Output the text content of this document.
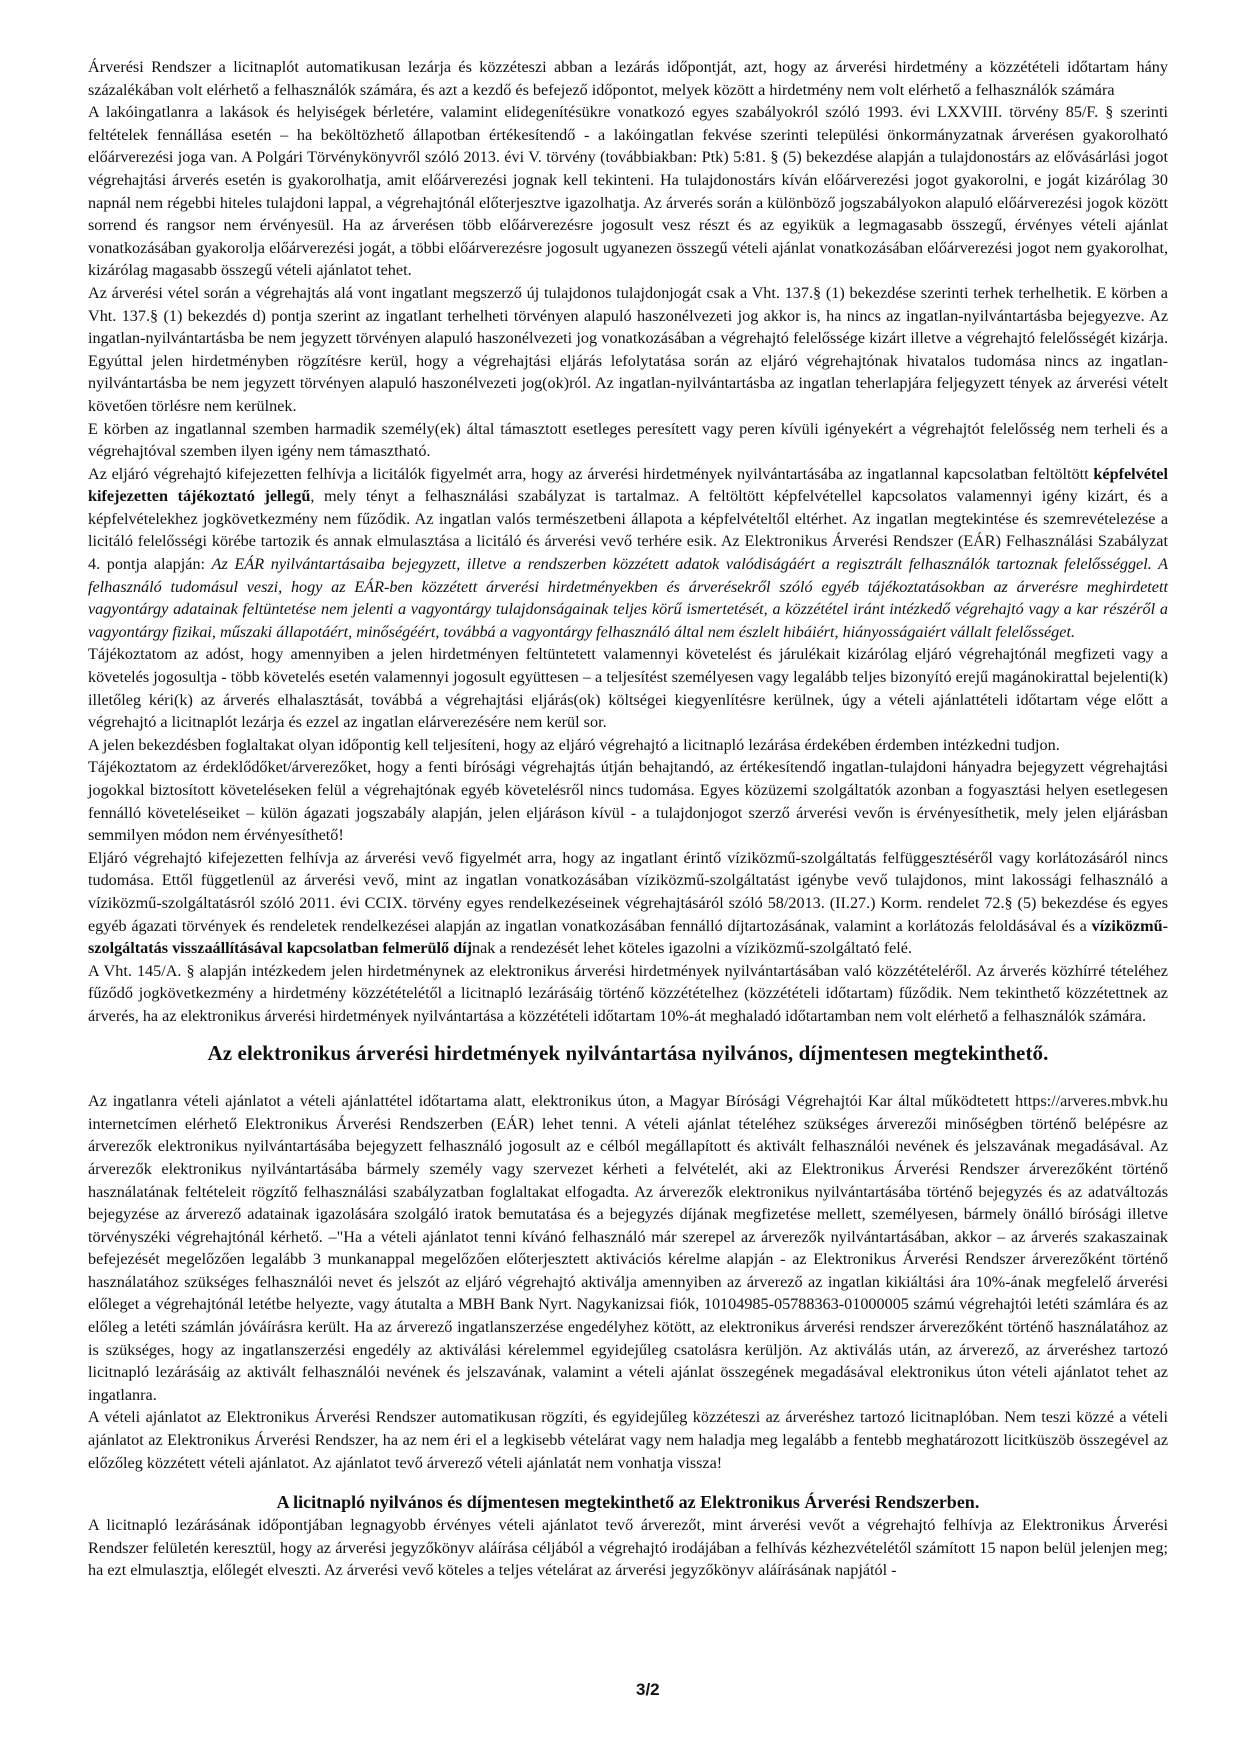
Árverési Rendszer a licitnaplót automatikusan lezárja és közzéteszi abban a lezárás időpontját, azt, hogy az árverési hirdetmény a közzétételi időtartam hány százalékában volt elérhető a felhasználók számára, és azt a kezdő és befejező időpontot, melyek között a hirdetmény nem volt elérhető a felhasználók számára

A lakóingatlanra a lakások és helyiségek bérletére, valamint elidegenítésükre vonatkozó egyes szabályokról szóló 1993. évi LXXVIII. törvény 85/F. § szerinti feltételek fennállása esetén – ha beköltözhető állapotban értékesítendő - a lakóingatlan fekvése szerinti települési önkormányzatnak árverésen gyakorolható előárverezési joga van. A Polgári Törvénykönyvről szóló 2013. évi V. törvény (továbbiakban: Ptk) 5:81. § (5) bekezdése alapján a tulajdonostárs az elővásárlási jogot végrehajtási árverés esetén is gyakorolhatja, amit előárverezési jognak kell tekinteni. Ha tulajdonostárs kíván előárverezési jogot gyakorolni, e jogát kizárólag 30 napnál nem régebbi hiteles tulajdoni lappal, a végrehajtónál előterjesztve igazolhatja. Az árverés során a különböző jogszabályokon alapuló előárverezési jogok között sorrend és rangsor nem érvényesül. Ha az árverésen több előárverezésre jogosult vesz részt és az egyikük a legmagasabb összegű, érvényes vételi ajánlat vonatkozásában gyakorolja előárverezési jogát, a többi előárverezésre jogosult ugyanezen összegű vételi ajánlat vonatkozásában előárverezési jogot nem gyakorolhat, kizárólag magasabb összegű vételi ajánlatot tehet.

Az árverési vétel során a végrehajtás alá vont ingatlant megszerző új tulajdonos tulajdonjogát csak a Vht. 137.§ (1) bekezdése szerinti terhek terhelhetik. E körben a Vht. 137.§ (1) bekezdés d) pontja szerint az ingatlant terhelheti törvényen alapuló haszonélvezeti jog akkor is, ha nincs az ingatlan-nyilvántartásba bejegyezve. Az ingatlan-nyilvántartásba be nem jegyzett törvényen alapuló haszonélvezeti jog vonatkozásában a végrehajtó felelőssége kizárt illetve a végrehajtó felelősségét kizárja. Egyúttal jelen hirdetményben rögzítésre kerül, hogy a végrehajtási eljárás lefolytatása során az eljáró végrehajtónak hivatalos tudomása nincs az ingatlan-nyilvántartásba be nem jegyzett törvényen alapuló haszonélvezeti jog(ok)ról. Az ingatlan-nyilvántartásba az ingatlan teherlapjára feljegyzett tények az árverési vételt követően törlésre nem kerülnek.

E körben az ingatlannal szemben harmadik személy(ek) által támasztott esetleges peresített vagy peren kívüli igényekért a végrehajtót felelősség nem terheli és a végrehajtóval szemben ilyen igény nem támasztható.

Az eljáró végrehajtó kifejezetten felhívja a licitálók figyelmét arra, hogy az árverési hirdetmények nyilvántartásába az ingatlannal kapcsolatban feltöltött képfelvétel kifejezetten tájékoztató jellegű, mely tényt a felhasználási szabályzat is tartalmaz. A feltöltött képfelvétellel kapcsolatos valamennyi igény kizárt, és a képfelvételekhez jogkövetkezmény nem fűződik. Az ingatlan valós természetbeni állapota a képfelvételtől eltérhet. Az ingatlan megtekintése és szemrevételezése a licitáló felelősségi körébe tartozik és annak elmulasztása a licitáló és árverési vevő terhére esik. Az Elektronikus Árverési Rendszer (EÁR) Felhasználási Szabályzat 4. pontja alapján: Az EÁR nyilvántartásaiba bejegyzett, illetve a rendszerben közzétett adatok valódiságáért a regisztrált felhasználók tartoznak felelősséggel. A felhasználó tudomásul veszi, hogy az EÁR-ben közzétett árverési hirdetményekben és árverésekről szóló egyéb tájékoztatásokban az árverésre meghirdetett vagyontárgy adatainak feltüntetése nem jelenti a vagyontárgy tulajdonságainak teljes körű ismertetését, a közzététel iránt intézkedő végrehajtó vagy a kar részéről a vagyontárgy fizikai, műszaki állapotáért, minőségéért, továbbá a vagyontárgy felhasználó által nem észlelt hibáiért, hiányosságaiért vállalt felelősséget.

Tájékoztatom az adóst, hogy amennyiben a jelen hirdetményen feltüntetett valamennyi követelést és járulékait kizárólag eljáró végrehajtónál megfizeti vagy a követelés jogosultja - több követelés esetén valamennyi jogosult együttesen – a teljesítést személyesen vagy legalább teljes bizonyító erejű magánokirattal bejelenti(k) illetőleg kéri(k) az árverés elhalasztását, továbbá a végrehajtási eljárás(ok) költségei kiegyenlítésre kerülnek, úgy a vételi ajánlattételi időtartam vége előtt a végrehajtó a licitnaplót lezárja és ezzel az ingatlan elárverezésére nem kerül sor.

A jelen bekezdésben foglaltakat olyan időpontig kell teljesíteni, hogy az eljáró végrehajtó a licitnapló lezárása érdekében érdemben intézkedni tudjon.

Tájékoztatom az érdeklődőket/árverezőket, hogy a fenti bírósági végrehajtás útján behajtandó, az értékesítendő ingatlan-tulajdoni hányadra bejegyzett végrehajtási jogokkal biztosított követeléseken felül a végrehajtónak egyéb követelésről nincs tudomása. Egyes közüzemi szolgáltatók azonban a fogyasztási helyen esetlegesen fennálló követeléseiket – külön ágazati jogszabály alapján, jelen eljáráson kívül - a tulajdonjogot szerző árverési vevőn is érvényesíthetik, mely jelen eljárásban semmilyen módon nem érvényesíthető!

Eljáró végrehajtó kifejezetten felhívja az árverési vevő figyelmét arra, hogy az ingatlant érintő víziközmű-szolgáltatás felfüggesztéséről vagy korlátozásáról nincs tudomása. Ettől függetlenül az árverési vevő, mint az ingatlan vonatkozásában víziközmű-szolgáltatást igénybe vevő tulajdonos, mint lakossági felhasználó a víziközmű-szolgáltatásról szóló 2011. évi CCIX. törvény egyes rendelkezéseinek végrehajtásáról szóló 58/2013. (II.27.) Korm. rendelet 72.§ (5) bekezdése és egyes egyéb ágazati törvények és rendeletek rendelkezései alapján az ingatlan vonatkozásában fennálló díjtartozásának, valamint a korlátozás feloldásával és a víziközmű-szolgáltatás visszaállításával kapcsolatban felmerülő díjnak a rendezését lehet köteles igazolni a víziközmű-szolgáltató felé.

A Vht. 145/A. § alapján intézkedem jelen hirdetménynek az elektronikus árverési hirdetmények nyilvántartásában való közzétételéről. Az árverés közhírré tételéhez fűződő jogkövetkezmény a hirdetmény közzétételétől a licitnapló lezárásáig történő közzétételhez (közzétételi időtartam) fűződik. Nem tekinthető közzétettnek az árverés, ha az elektronikus árverési hirdetmények nyilvántartása a közzétételi időtartam 10%-át meghaladó időtartamban nem volt elérhető a felhasználók számára.

Az elektronikus árverési hirdetmények nyilvántartása nyilvános, díjmentesen megtekinthető.

Az ingatlanra vételi ajánlatot a vételi ajánlattétel időtartama alatt, elektronikus úton, a Magyar Bírósági Végrehajtói Kar által működtetett https://arveres.mbvk.hu internetcímen elérhető Elektronikus Árverési Rendszerben (EÁR) lehet tenni. A vételi ajánlat tételéhez szükséges árverezői minőségben történő belépésre az árverezők elektronikus nyilvántartásába bejegyzett felhasználó jogosult az e célból megállapított és aktivált felhasználói nevének és jelszavának megadásával. Az árverezők elektronikus nyilvántartásába bármely személy vagy szervezet kérheti a felvételét, aki az Elektronikus Árverési Rendszer árverezőként történő használatának feltételeit rögzítő felhasználási szabályzatban foglaltakat elfogadta. Az árverezők elektronikus nyilvántartásába történő bejegyzés és az adatváltozás bejegyzése az árverező adatainak igazolására szolgáló iratok bemutatása és a bejegyzés díjának megfizetése mellett, személyesen, bármely önálló bírósági illetve törvényszéki végrehajtónál kérhető. –"Ha a vételi ajánlatot tenni kívánó felhasználó már szerepel az árverezők nyilvántartásában, akkor – az árverés szakaszainak befejezését megelőzően legalább 3 munkanappal megelőzően előterjesztett aktivációs kérelme alapján - az Elektronikus Árverési Rendszer árverezőként történő használatához szükséges felhasználói nevet és jelszót az eljáró végrehajtó aktiválja amennyiben az árverező az ingatlan kikiáltási ára 10%-ának megfelelő árverési előleget a végrehajtónál letétbe helyezte, vagy átutalta a MBH Bank Nyrt. Nagykanizsai fiók, 10104985-05788363-01000005 számú végrehajtói letéti számlára és az előleg a letéti számlán jóváírásra került. Ha az árverező ingatlanszerzése engedélyhez kötött, az elektronikus árverési rendszer árverezőként történő használatához az is szükséges, hogy az ingatlanszerzési engedély az aktiválási kérelemmel egyidejűleg csatolásra kerüljön. Az aktiválás után, az árverező, az árveréshez tartozó licitnapló lezárásáig az aktivált felhasználói nevének és jelszavának, valamint a vételi ajánlat összegének megadásával elektronikus úton vételi ajánlatot tehet az ingatlanra.

A vételi ajánlatot az Elektronikus Árverési Rendszer automatikusan rögzíti, és egyidejűleg közzéteszi az árveréshez tartozó licitnaplóban. Nem teszi közzé a vételi ajánlatot az Elektronikus Árverési Rendszer, ha az nem éri el a legkisebb vételárat vagy nem haladja meg legalább a fentebb meghatározott licitküszöb összegével az előzőleg közzétett vételi ajánlatot. Az ajánlatot tevő árverező vételi ajánlatát nem vonhatja vissza!

A licitnapló nyilvános és díjmentesen megtekinthető az Elektronikus Árverési Rendszerben.

A licitnapló lezárásának időpontjában legnagyobb érvényes vételi ajánlatot tevő árverezőt, mint árverési vevőt a végrehajtó felhívja az Elektronikus Árverési Rendszer felületén keresztül, hogy az árverési jegyzőkönyv aláírása céljából a végrehajtó irodájában a felhívás kézhezvételétől számított 15 napon belül jelenjen meg; ha ezt elmulasztja, előlegét elveszti. Az árverési vevő köteles a teljes vételárat az árverési jegyzőkönyv aláírásának napjától -

3/2
